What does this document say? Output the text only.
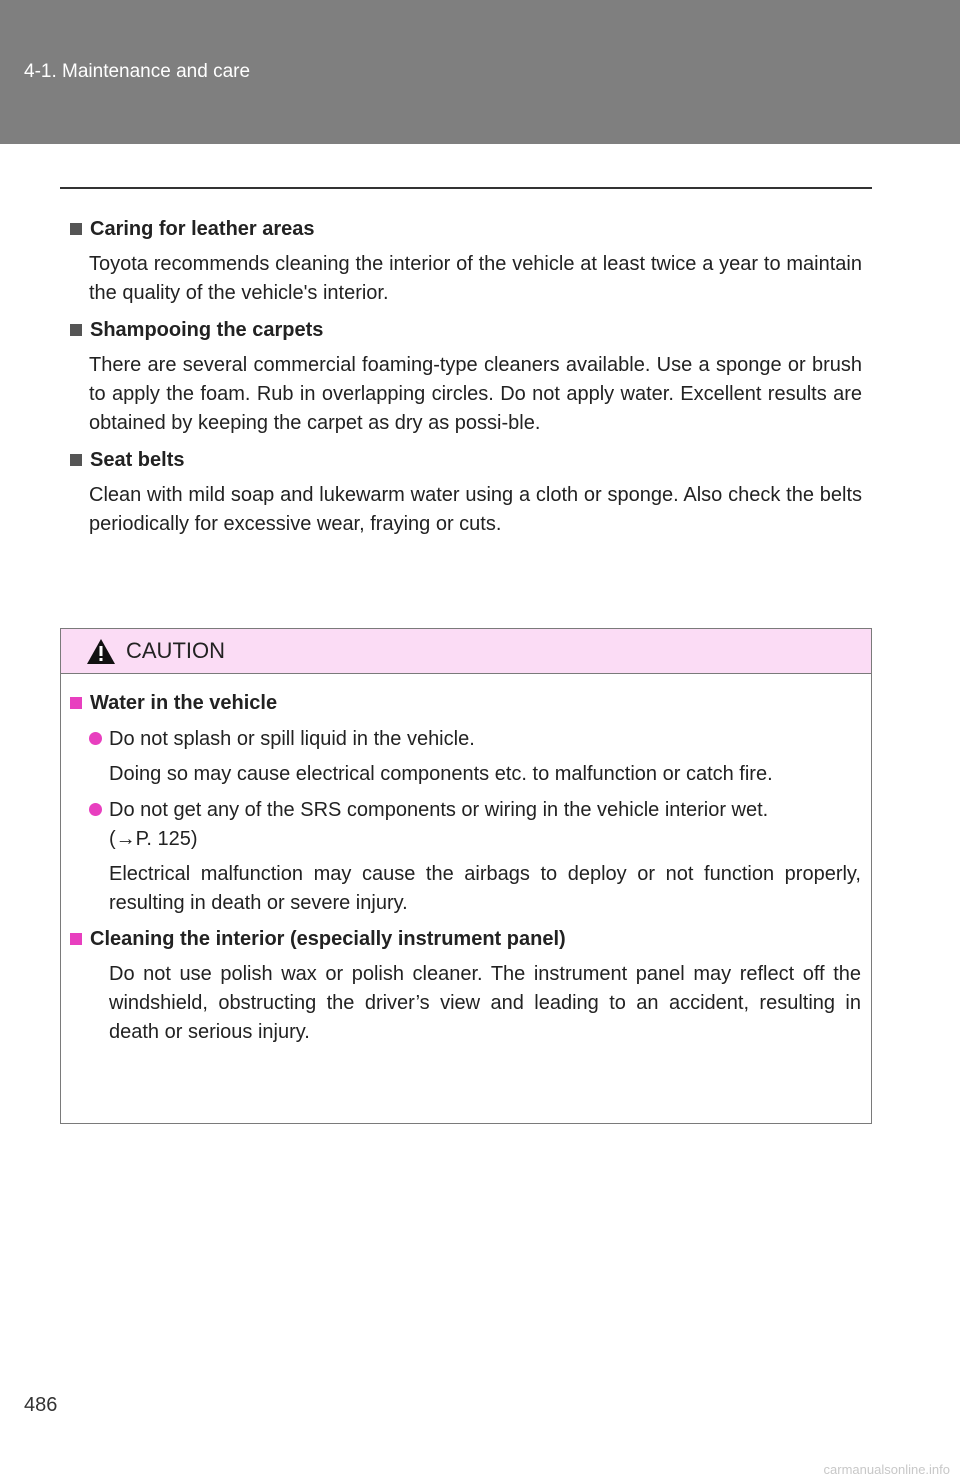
4-1. Maintenance and care
Caring for leather areas
Toyota recommends cleaning the interior of the vehicle at least twice a year to maintain the quality of the vehicle's interior.
Shampooing the carpets
There are several commercial foaming-type cleaners available. Use a sponge or brush to apply the foam. Rub in overlapping circles. Do not apply water. Excellent results are obtained by keeping the carpet as dry as possi-ble.
Seat belts
Clean with mild soap and lukewarm water using a cloth or sponge. Also check the belts periodically for excessive wear, fraying or cuts.
CAUTION
Water in the vehicle
Do not splash or spill liquid in the vehicle.
Doing so may cause electrical components etc. to malfunction or catch fire.
Do not get any of the SRS components or wiring in the vehicle interior wet.
(→P. 125)
Electrical malfunction may cause the airbags to deploy or not function properly, resulting in death or severe injury.
Cleaning the interior (especially instrument panel)
Do not use polish wax or polish cleaner. The instrument panel may reflect off the windshield, obstructing the driver’s view and leading to an accident, resulting in death or serious injury.
486
carmanualsonline.info
